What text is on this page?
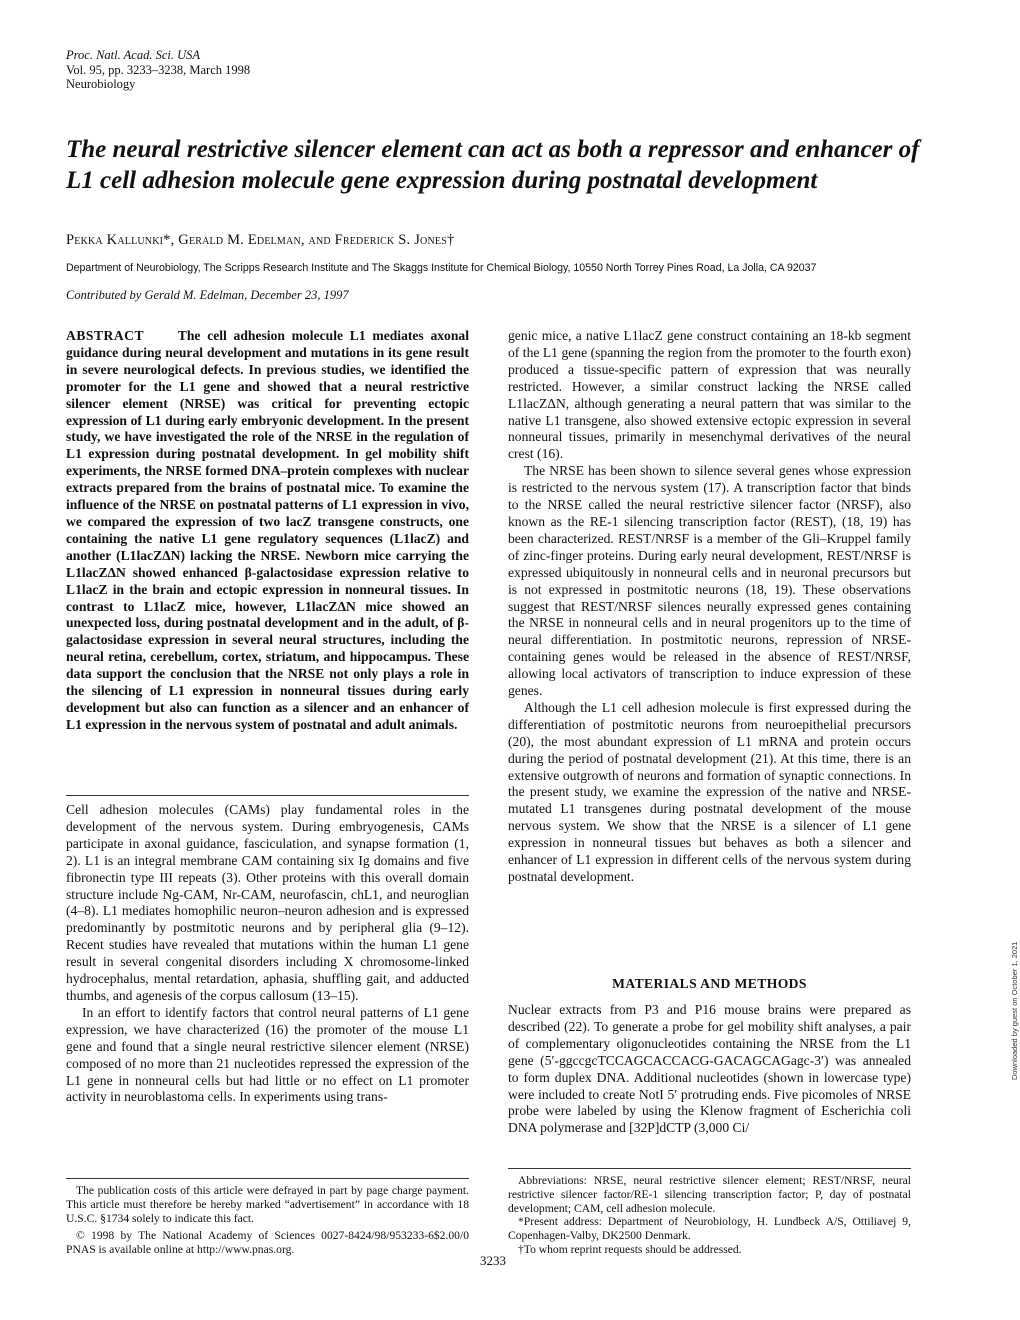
Proc. Natl. Acad. Sci. USA
Vol. 95, pp. 3233–3238, March 1998
Neurobiology
The neural restrictive silencer element can act as both a repressor and enhancer of L1 cell adhesion molecule gene expression during postnatal development
Pekka Kallunki*, Gerald M. Edelman, and Frederick S. Jones†
Department of Neurobiology, The Scripps Research Institute and The Skaggs Institute for Chemical Biology, 10550 North Torrey Pines Road, La Jolla, CA 92037
Contributed by Gerald M. Edelman, December 23, 1997

ABSTRACT The cell adhesion molecule L1 mediates axonal guidance during neural development and mutations in its gene result in severe neurological defects. In previous studies, we identified the promoter for the L1 gene and showed that a neural restrictive silencer element (NRSE) was critical for preventing ectopic expression of L1 during early embryonic development. In the present study, we have investigated the role of the NRSE in the regulation of L1 expression during postnatal development. In gel mobility shift experiments, the NRSE formed DNA–protein complexes with nuclear extracts prepared from the brains of postnatal mice. To examine the influence of the NRSE on postnatal patterns of L1 expression in vivo, we compared the expression of two lacZ transgene constructs, one containing the native L1 gene regulatory sequences (L1lacZ) and another (L1lacZΔN) lacking the NRSE. Newborn mice carrying the L1lacZΔN showed enhanced β-galactosidase expression relative to L1lacZ in the brain and ectopic expression in nonneural tissues. In contrast to L1lacZ mice, however, L1lacZΔN mice showed an unexpected loss, during postnatal development and in the adult, of β-galactosidase expression in several neural structures, including the neural retina, cerebellum, cortex, striatum, and hippocampus. These data support the conclusion that the NRSE not only plays a role in the silencing of L1 expression in nonneural tissues during early development but also can function as a silencer and an enhancer of L1 expression in the nervous system of postnatal and adult animals.

Cell adhesion molecules (CAMs) play fundamental roles in the development of the nervous system. During embryogenesis, CAMs participate in axonal guidance, fasciculation, and synapse formation (1, 2). L1 is an integral membrane CAM containing six Ig domains and five fibronectin type III repeats (3). Other proteins with this overall domain structure include Ng-CAM, Nr-CAM, neurofascin, chL1, and neuroglian (4–8). L1 mediates homophilic neuron–neuron adhesion and is expressed predominantly by postmitotic neurons and by peripheral glia (9–12). Recent studies have revealed that mutations within the human L1 gene result in several congenital disorders including X chromosome-linked hydrocephalus, mental retardation, aphasia, shuffling gait, and adducted thumbs, and agenesis of the corpus callosum (13–15).

In an effort to identify factors that control neural patterns of L1 gene expression, we have characterized (16) the promoter of the mouse L1 gene and found that a single neural restrictive silencer element (NRSE) composed of no more than 21 nucleotides repressed the expression of the L1 gene in nonneural cells but had little or no effect on L1 promoter activity in neuroblastoma cells. In experiments using trans-

genic mice, a native L1lacZ gene construct containing an 18-kb segment of the L1 gene (spanning the region from the promoter to the fourth exon) produced a tissue-specific pattern of expression that was neurally restricted. However, a similar construct lacking the NRSE called L1lacZΔN, although generating a neural pattern that was similar to the native L1 transgene, also showed extensive ectopic expression in several nonneural tissues, primarily in mesenchymal derivatives of the neural crest (16).

The NRSE has been shown to silence several genes whose expression is restricted to the nervous system (17). A transcription factor that binds to the NRSE called the neural restrictive silencer factor (NRSF), also known as the RE-1 silencing transcription factor (REST), (18, 19) has been characterized. REST/NRSF is a member of the Gli–Kruppel family of zinc-finger proteins. During early neural development, REST/NRSF is expressed ubiquitously in nonneural cells and in neuronal precursors but is not expressed in postmitotic neurons (18, 19). These observations suggest that REST/NRSF silences neurally expressed genes containing the NRSE in nonneural cells and in neural progenitors up to the time of neural differentiation. In postmitotic neurons, repression of NRSE-containing genes would be released in the absence of REST/NRSF, allowing local activators of transcription to induce expression of these genes.

Although the L1 cell adhesion molecule is first expressed during the differentiation of postmitotic neurons from neuroepithelial precursors (20), the most abundant expression of L1 mRNA and protein occurs during the period of postnatal development (21). At this time, there is an extensive outgrowth of neurons and formation of synaptic connections. In the present study, we examine the expression of the native and NRSE-mutated L1 transgenes during postnatal development of the mouse nervous system. We show that the NRSE is a silencer of L1 gene expression in nonneural tissues but behaves as both a silencer and enhancer of L1 expression in different cells of the nervous system during postnatal development.

MATERIALS AND METHODS

Nuclear extracts from P3 and P16 mouse brains were prepared as described (22). To generate a probe for gel mobility shift analyses, a pair of complementary oligonucleotides containing the NRSE from the L1 gene (5′-ggccgcTCCAGCACCACG-GACAGCAGagc-3′) was annealed to form duplex DNA. Additional nucleotides (shown in lowercase type) were included to create NotI 5′ protruding ends. Five picomoles of NRSE probe were labeled by using the Klenow fragment of Escherichia coli DNA polymerase and [32P]dCTP (3,000 Ci/

The publication costs of this article were defrayed in part by page charge payment. This article must therefore be hereby marked “advertisement” in accordance with 18 U.S.C. §1734 solely to indicate this fact.

© 1998 by The National Academy of Sciences 0027-8424/98/953233-6$2.00/0 PNAS is available online at http://www.pnas.org.

Abbreviations: NRSE, neural restrictive silencer element; REST/NRSF, neural restrictive silencer factor/RE-1 silencing transcription factor; P, day of postnatal development; CAM, cell adhesion molecule.

*Present address: Department of Neurobiology, H. Lundbeck A/S, Ottiliavej 9, Copenhagen-Valby, DK2500 Denmark.

†To whom reprint requests should be addressed.

3233
Downloaded by guest on October 1, 2021
